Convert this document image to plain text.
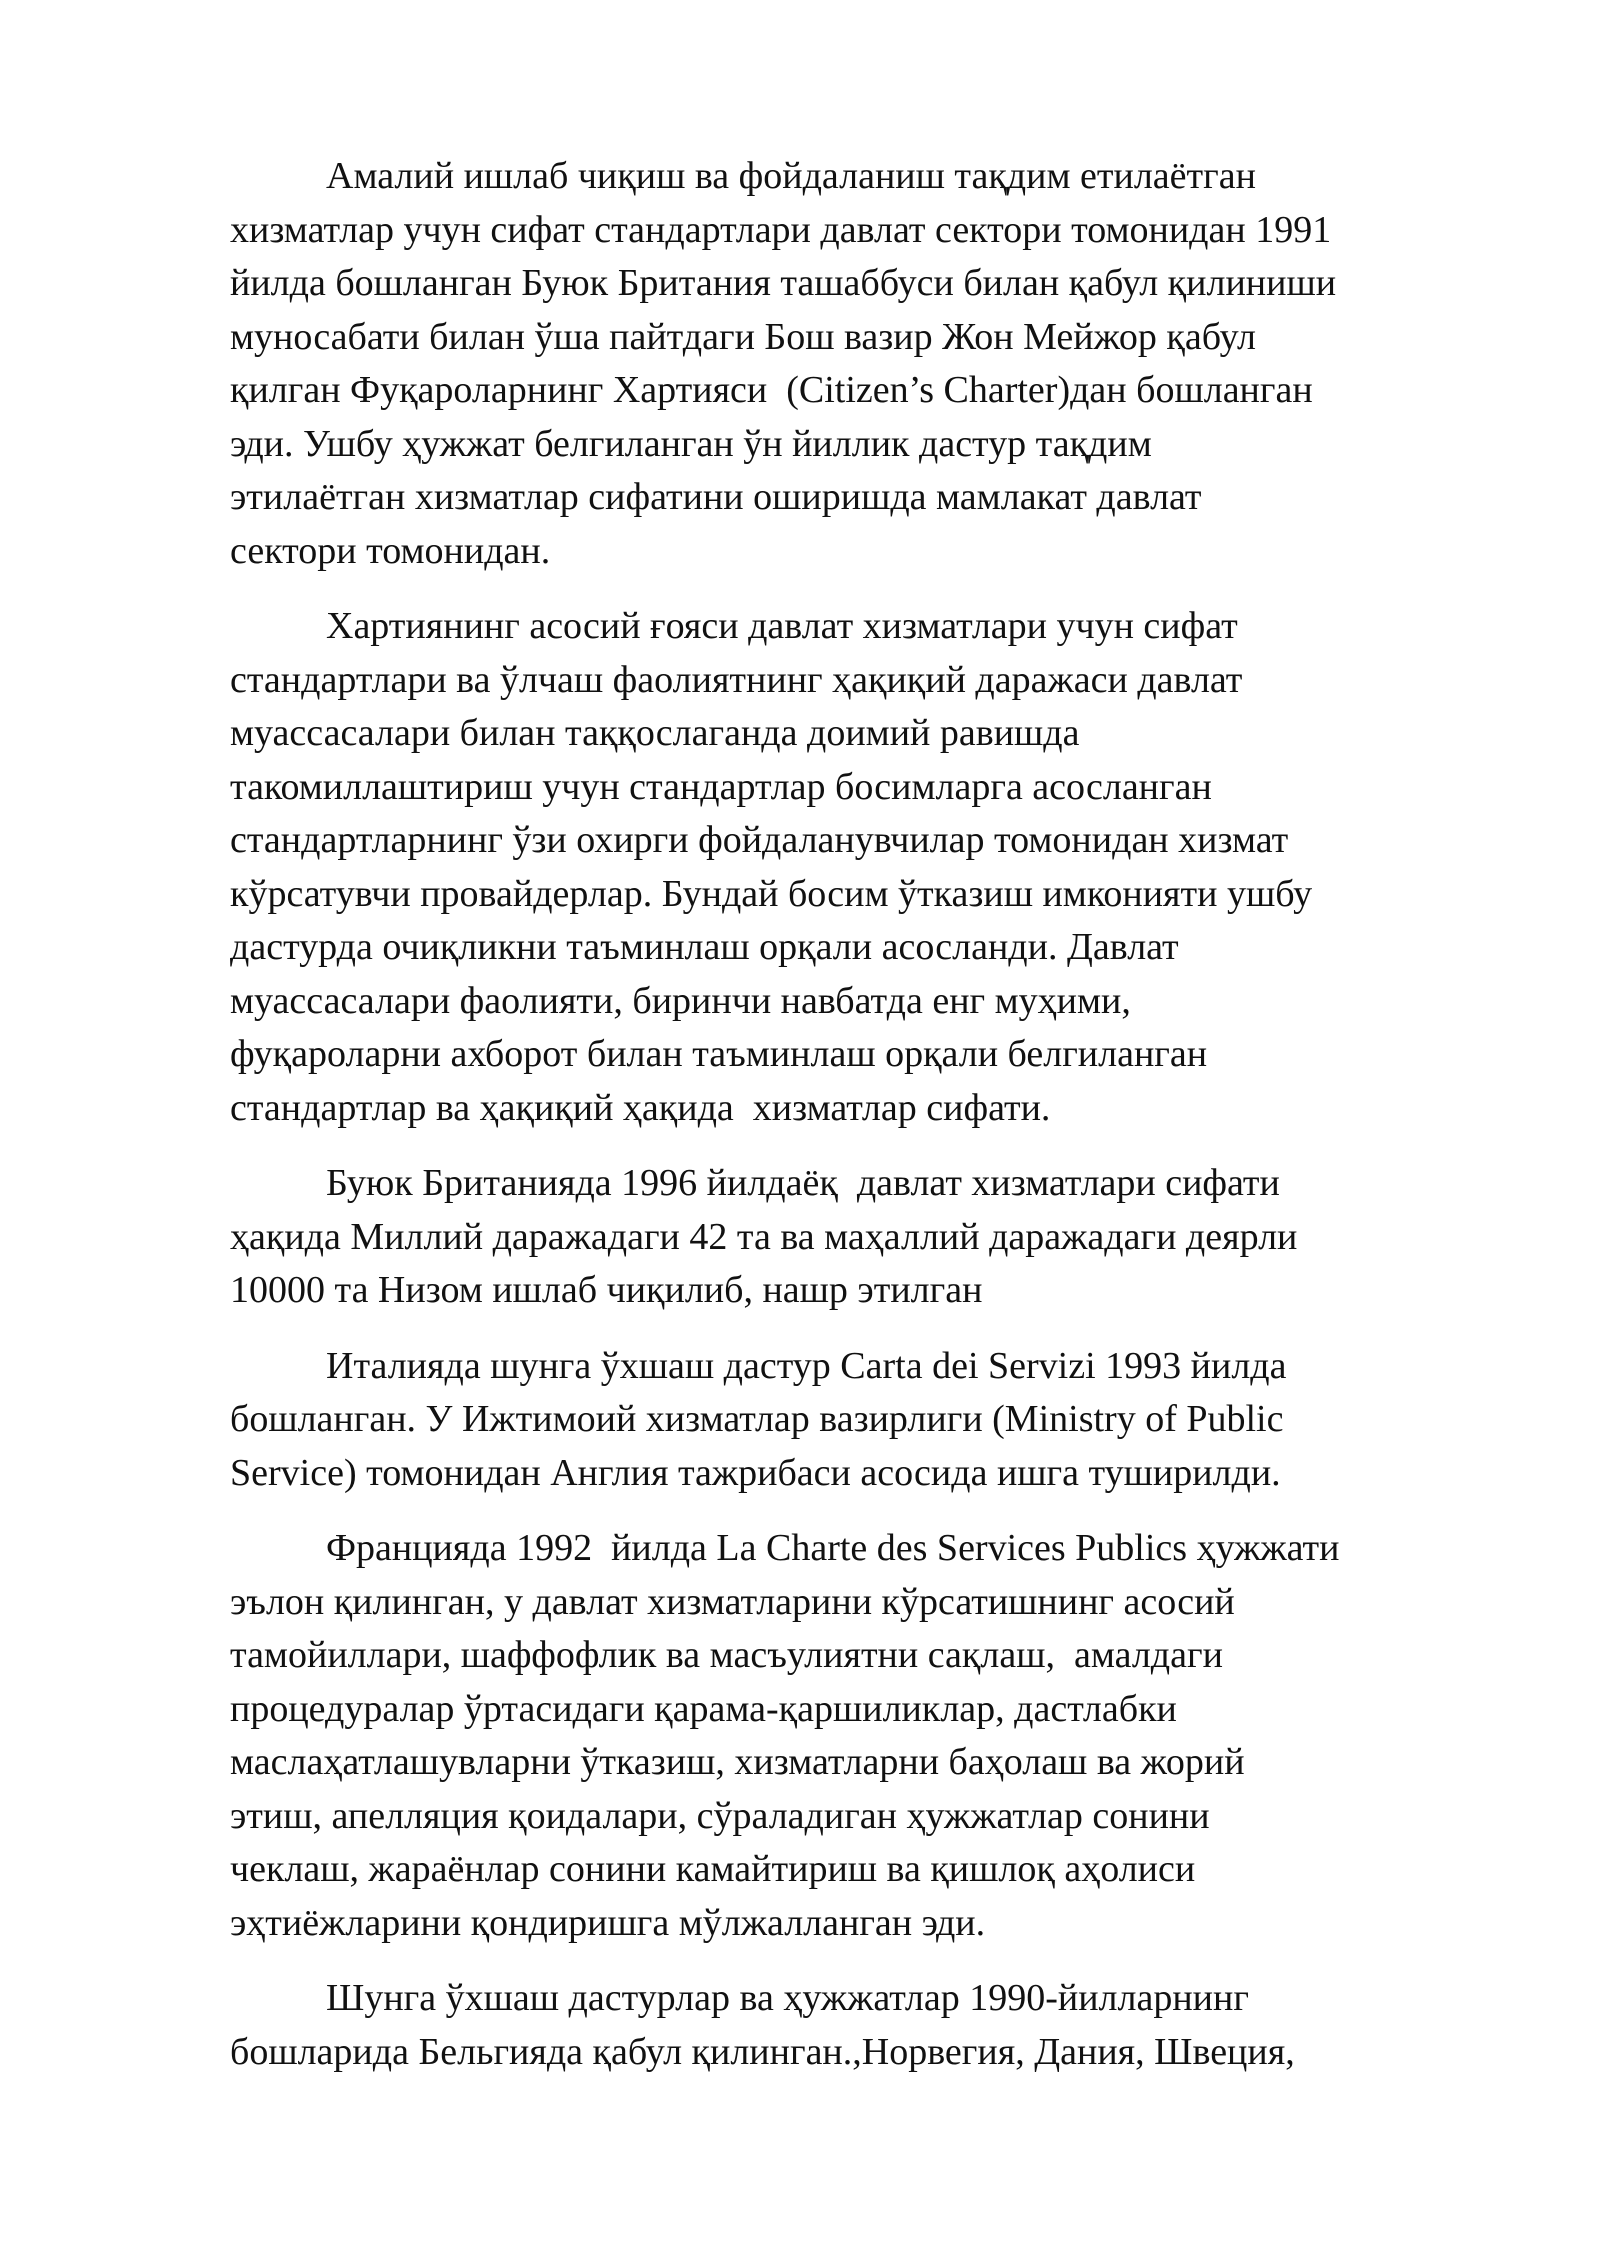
Амалий ишлаб чиқиш ва фойдаланиш тақдим етилаётган
хизматлар учун сифат стандартлари давлат сектори томонидан 1991
йилда бошланган Буюк Британия ташаббуси билан қабул қилиниши
муносабати билан ўша пайтдаги Бош вазир Жон Мейжор қабул
қилган Фуқароларнинг Хартияси  (Citizen’s Charter)дан бошланган
эди. Ушбу ҳужжат белгиланган ўн йиллик дастур тақдим
этилаётган хизматлар сифатини оширишда мамлакат давлат
сектори томонидан.
Хартиянинг асосий ғояси давлат хизматлари учун сифат
стандартлари ва ўлчаш фаолиятнинг ҳақиқий даражаси давлат
муассасалари билан таққослаганда доимий равишда
такомиллаштириш учун стандартлар босимларга асосланган
стандартларнинг ўзи охирги фойдаланувчилар томонидан хизмат
кўрсатувчи провайдерлар. Бундай босим ўтказиш имконияти ушбу
дастурда очиқликни таъминлаш орқали асосланди. Давлат
муассасалари фаолияти, биринчи навбатда енг муҳими,
фуқароларни ахборот билан таъминлаш орқали белгиланган
стандартлар ва ҳақиқий ҳақида  хизматлар сифати.
Буюк Британияда 1996 йилдаёқ  давлат хизматлари сифати
ҳақида Миллий даражадаги 42 та ва маҳаллий даражадаги деярли
10000 та Низом ишлаб чиқилиб, нашр этилган
Италияда шунга ўхшаш дастур Carta dei Servizi 1993 йилда
бошланган. У Ижтимоий хизматлар вазирлиги (Ministry of Public
Service) томонидан Англия тажрибаси асосида ишга туширилди.
Францияда 1992  йилда La Charte des Services Publics ҳужжати
эълон қилинган, у давлат хизматларини кўрсатишнинг асосий
тамойиллари, шаффофлик ва масъулиятни сақлаш,  амалдаги
процедуралар ўртасидаги қарама-қаршиликлар, дастлабки
маслаҳатлашувларни ўтказиш, хизматларни баҳолаш ва жорий
этиш, апелляция қоидалари, сўраладиган ҳужжатлар сонини
чеклаш, жараёнлар сонини камайтириш ва қишлоқ аҳолиси
эҳтиёжларини қондиришга мўлжалланган эди.
Шунга ўхшаш дастурлар ва ҳужжатлар 1990-йилларнинг
бошларида Бельгияда қабул қилинган.,Норвегия, Дания, Швеция,
